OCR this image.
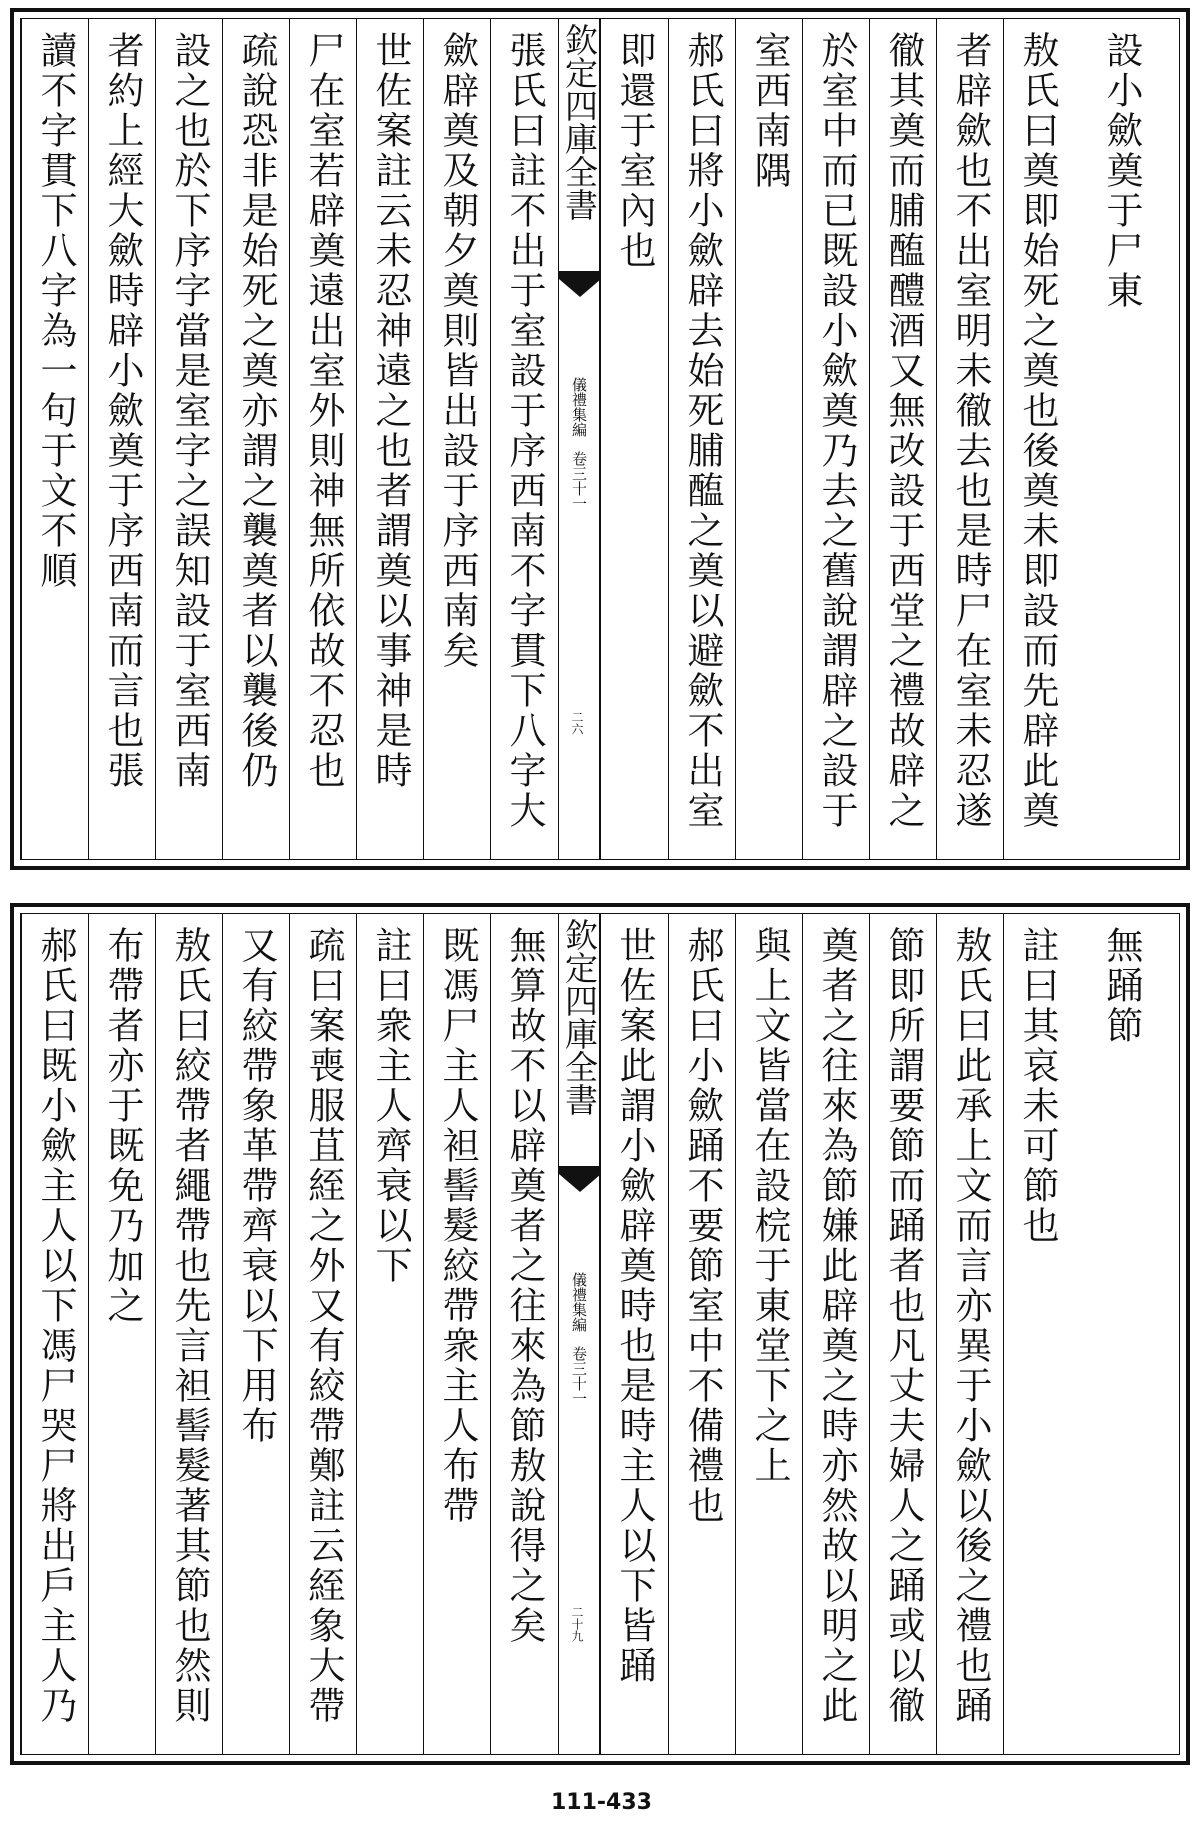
讀不字貫下八字為一句于文不順 者約上經大歛時辟小歛奠于序西南而言也張 設之也於下序字當是室字之誤知設于室西南 疏說恐非是始死之奠亦謂之襲奠者以襲後仍 尸在室若辟奠遠出室外則神無所依故不忍也 世佐案註云未忍神遠之也者謂奠以事神是時 歛辟奠及朝夕奠則皆出設于序西南矣 張氏曰註不出于室設于序西南不字貫下八字大 欽定四庫全書
儀禮集編
卷三十一
二六
即還于室內也 郝氏曰將小歛辟去始死脯醢之奠以避歛不出室 室西南隅 於室中而已既設小歛奠乃去之舊說謂辟之設于 徹其奠而脯醢醴酒又無改設于西堂之禮故辟之 者辟歛也不出室明未徹去也是時尸在室未忍遂 敖氏曰奠即始死之奠也後奠未即設而先辟此奠 設小歛奠于尸東
郝氏曰既小歛主人以下馮尸哭尸將出戶主人乃 布帶者亦于既免乃加之 敖氏曰絞帶者繩帶也先言袒髻髮著其節也然則 又有絞帶象革帶齊衰以下用布 疏曰案喪服苴絰之外又有絞帶鄭註云絰象大帶 註曰衆主人齊衰以下 既馮尸主人袒髻髮絞帶衆主人布帶 無算故不以辟奠者之往來為節敖說得之矣 欽定四庫全書
儀禮集編
卷三十一
二十九 世佐案此謂小歛辟奠時也是時主人以下皆踊 郝氏曰小歛踊不要節室中不備禮也 與上文皆當在設梡于東堂下之上 奠者之往來為節嫌此辟奠之時亦然故以明之此 節即所謂要節而踊者也凡丈夫婦人之踊或以徹 敖氏曰此承上文而言亦異于小歛以後之禮也踊 註曰其哀未可節也 無踊節
111-433
